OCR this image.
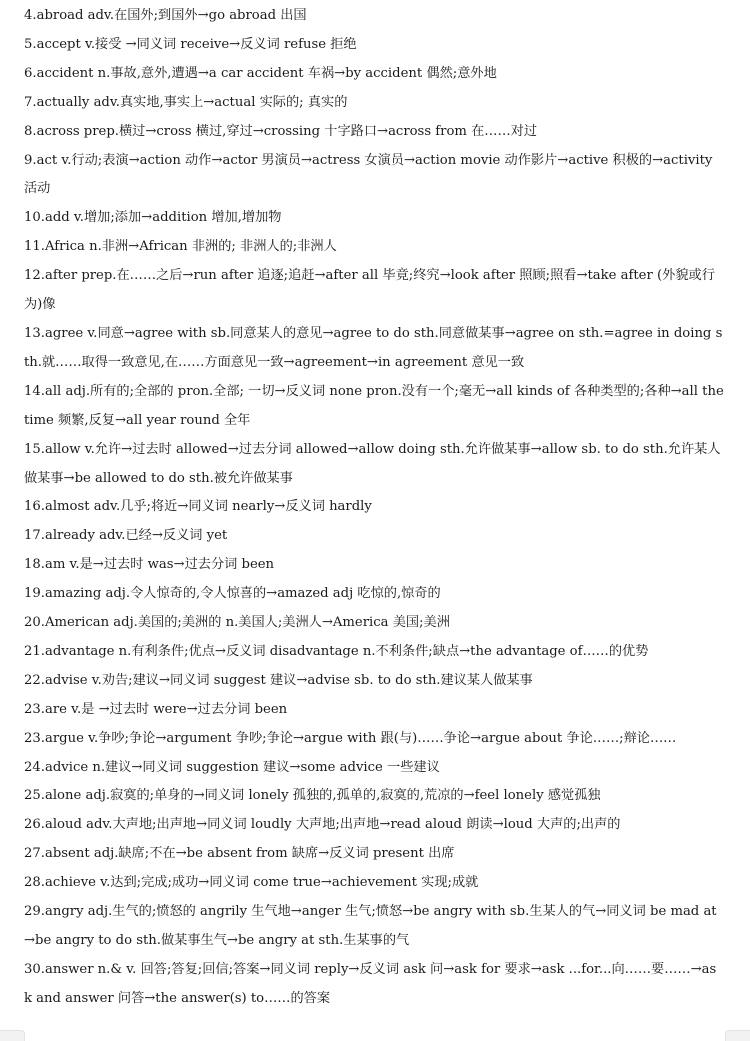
4.abroad adv.在国外;到国外→go abroad 出国
5.accept v.接受 →同义词 receive→反义词 refuse 拒绝
6.accident n.事故,意外,遭遇→a car accident 车祸→by accident 偶然;意外地
7.actually adv.真实地,事实上→actual 实际的; 真实的
8.across prep.横过→cross 横过,穿过→crossing 十字路口→across from 在……对过
9.act v.行动;表演→action 动作→actor 男演员→actress 女演员→action movie 动作影片→active 积极的→activity 活动
10.add v.增加;添加→addition 增加,增加物
11.Africa n.非洲→African 非洲的; 非洲人的;非洲人
12.after prep.在……之后→run after 追逐;追赶→after all 毕竟;终究→look after 照顾;照看→take after (外貌或行为)像
13.agree v.同意→agree with sb.同意某人的意见→agree to do sth.同意做某事→agree on sth.=agree in doing sth.就……取得一致意见,在……方面意见一致→agreement→in agreement 意见一致
14.all adj.所有的;全部的 pron.全部; 一切→反义词 none pron.没有一个;毫无→all kinds of 各种类型的;各种→all the time 频繁,反复→all year round 全年
15.allow v.允许→过去时 allowed→过去分词 allowed→allow doing sth.允许做某事→allow sb. to do sth.允许某人做某事→be allowed to do sth.被允许做某事
16.almost adv.几乎;将近→同义词 nearly→反义词 hardly
17.already adv.已经→反义词 yet
18.am v.是→过去时 was→过去分词 been
19.amazing adj.令人惊奇的,令人惊喜的→amazed adj 吃惊的,惊奇的
20.American adj.美国的;美洲的 n.美国人;美洲人→America 美国;美洲
21.advantage n.有利条件;优点→反义词 disadvantage n.不利条件;缺点→the advantage of……的优势
22.advise v.劝告;建议→同义词 suggest 建议→advise sb. to do sth.建议某人做某事
23.are v.是 →过去时 were→过去分词 been
23.argue v.争吵;争论→argument 争吵;争论→argue with 跟(与)……争论→argue about 争论……;辩论……
24.advice n.建议→同义词 suggestion 建议→some advice 一些建议
25.alone adj.寂寞的;单身的→同义词 lonely 孤独的,孤单的,寂寞的,荒凉的→feel lonely 感觉孤独
26.aloud adv.大声地;出声地→同义词 loudly 大声地;出声地→read aloud 朗读→loud 大声的;出声的
27.absent adj.缺席;不在→be absent from 缺席→反义词 present 出席
28.achieve v.达到;完成;成功→同义词 come true→achievement 实现;成就
29.angry adj.生气的;愤怒的 angrily 生气地→anger 生气;愤怒→be angry with sb.生某人的气→同义词 be mad at→be angry to do sth.做某事生气→be angry at sth.生某事的气
30.answer n.& v. 回答;答复;回信;答案→同义词 reply→反义词 ask 问→ask for 要求→ask ...for...向……要……→ask and answer 问答→the answer(s) to……的答案
